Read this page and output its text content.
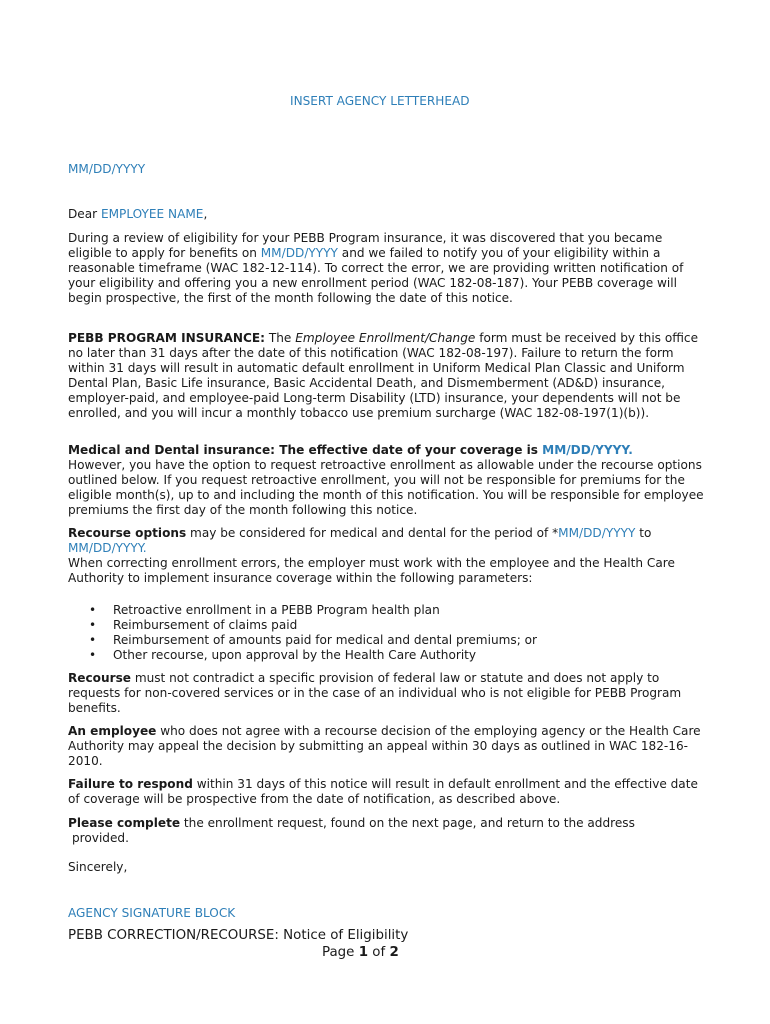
INSERT AGENCY LETTERHEAD

MM/DD/YYYY

Dear EMPLOYEE NAME,

During a review of eligibility for your PEBB Program insurance, it was discovered that you became eligible to apply for benefits on MM/DD/YYYY and we failed to notify you of your eligibility within a reasonable timeframe (WAC 182-12-114). To correct the error, we are providing written notification of your eligibility and offering you a new enrollment period (WAC 182-08-187). Your PEBB coverage will begin prospective, the first of the month following the date of this notice.

PEBB PROGRAM INSURANCE: The Employee Enrollment/Change form must be received by this office no later than 31 days after the date of this notification (WAC 182-08-197). Failure to return the form within 31 days will result in automatic default enrollment in Uniform Medical Plan Classic and Uniform Dental Plan, Basic Life insurance, Basic Accidental Death, and Dismemberment (AD&D) insurance, employer-paid, and employee-paid Long-term Disability (LTD) insurance, your dependents will not be enrolled, and you will incur a monthly tobacco use premium surcharge (WAC 182-08-197(1)(b)).

Medical and Dental insurance: The effective date of your coverage is MM/DD/YYYY.
However, you have the option to request retroactive enrollment as allowable under the recourse options outlined below. If you request retroactive enrollment, you will not be responsible for premiums for the eligible month(s), up to and including the month of this notification. You will be responsible for employee premiums the first day of the month following this notice.

Recourse options may be considered for medical and dental for the period of *MM/DD/YYYY to
MM/DD/YYYY.
When correcting enrollment errors, the employer must work with the employee and the Health Care Authority to implement insurance coverage within the following parameters:

• Retroactive enrollment in a PEBB Program health plan
• Reimbursement of claims paid
• Reimbursement of amounts paid for medical and dental premiums; or
• Other recourse, upon approval by the Health Care Authority

Recourse must not contradict a specific provision of federal law or statute and does not apply to requests for non-covered services or in the case of an individual who is not eligible for PEBB Program benefits.

An employee who does not agree with a recourse decision of the employing agency or the Health Care Authority may appeal the decision by submitting an appeal within 30 days as outlined in WAC 182-16-2010.

Failure to respond within 31 days of this notice will result in default enrollment and the effective date of coverage will be prospective from the date of notification, as described above.

Please complete the enrollment request, found on the next page, and return to the address
provided.

Sincerely,

AGENCY SIGNATURE BLOCK

PEBB CORRECTION/RECOURSE: Notice of Eligibility

Page 1 of 2
